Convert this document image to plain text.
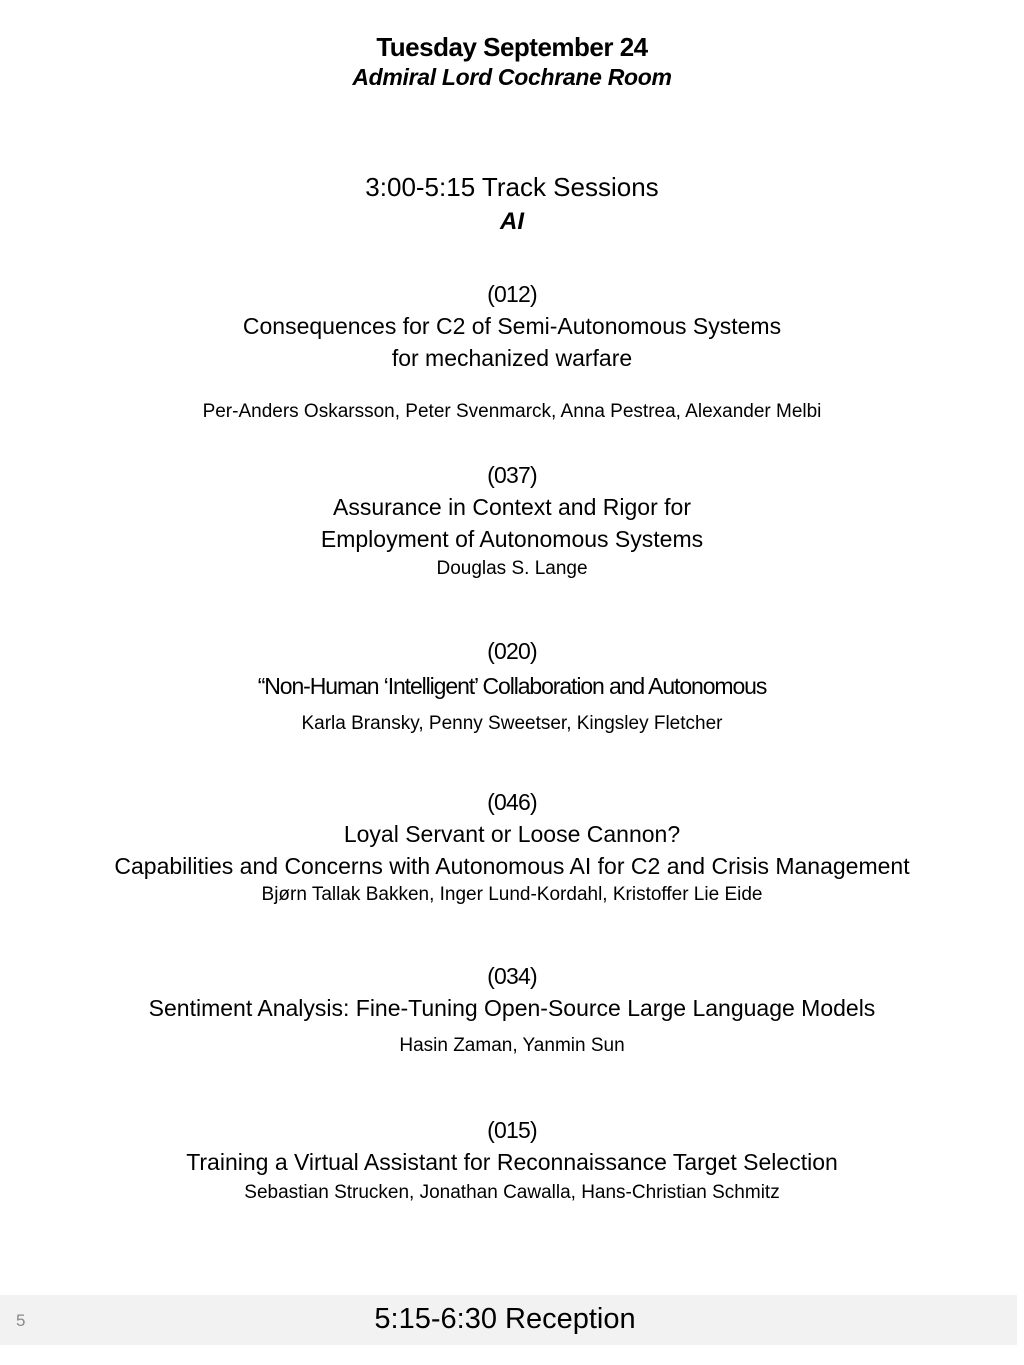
Tuesday September 24
Admiral Lord Cochrane Room
3:00-5:15 Track Sessions
AI
(012)
Consequences for C2 of Semi-Autonomous Systems
for mechanized warfare
Per-Anders Oskarsson, Peter Svenmarck, Anna Pestrea, Alexander Melbi
(037)
Assurance in Context and Rigor for
Employment of Autonomous Systems
Douglas S. Lange
(020)
“Non-Human ‘Intelligent’ Collaboration and Autonomous
Karla Bransky, Penny Sweetser, Kingsley Fletcher
(046)
Loyal Servant or Loose Cannon?
Capabilities and Concerns with Autonomous AI for C2 and Crisis Management
Bjørn Tallak Bakken, Inger Lund-Kordahl, Kristoffer Lie Eide
(034)
Sentiment Analysis: Fine-Tuning Open-Source Large Language Models
Hasin Zaman, Yanmin Sun
(015)
Training a Virtual Assistant for Reconnaissance Target Selection
Sebastian Strucken, Jonathan Cawalla, Hans-Christian Schmitz
5	5:15-6:30 Reception
